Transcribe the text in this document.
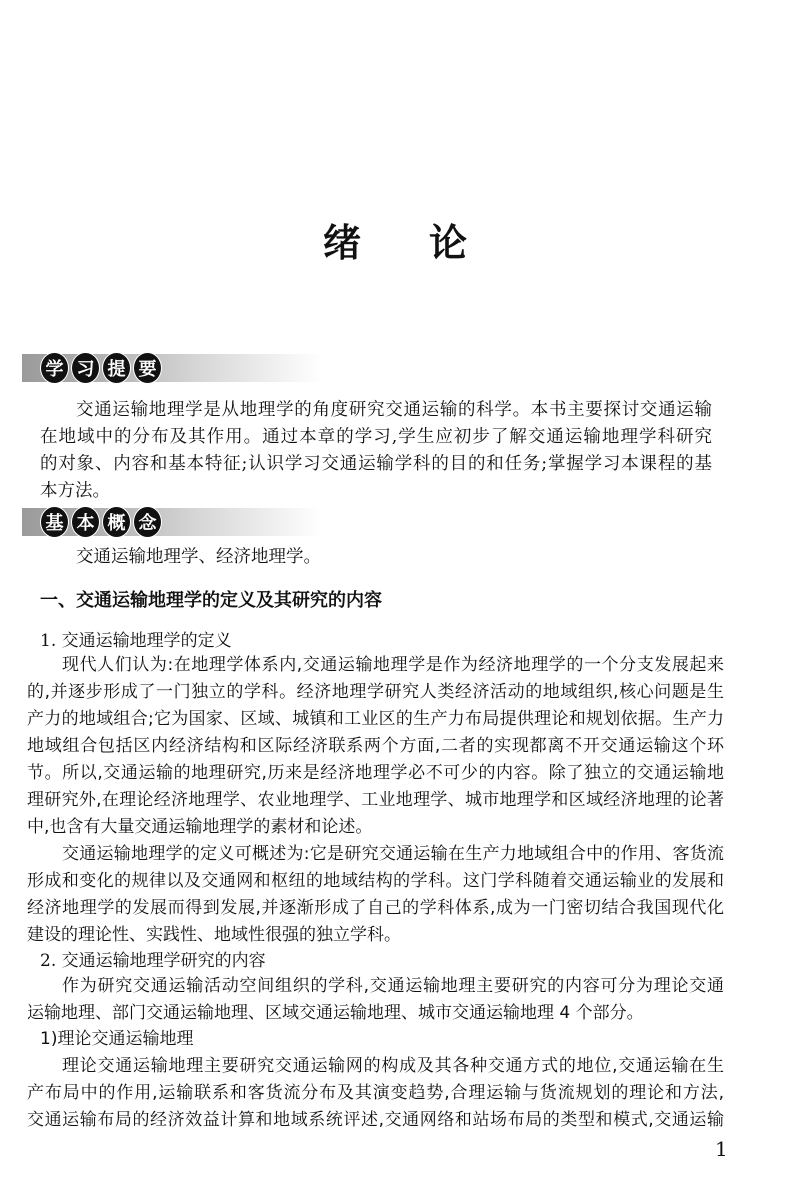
绪 论
学 习 提 要
交通运输地理学是从地理学的角度研究交通运输的科学。本书主要探讨交通运输
在地域中的分布及其作用。通过本章的学习,学生应初步了解交通运输地理学科研究
的对象、内容和基本特征;认识学习交通运输学科的目的和任务;掌握学习本课程的基
本方法。
基 本 概 念
交通运输地理学、经济地理学。
一、交通运输地理学的定义及其研究的内容
1. 交通运输地理学的定义
现代人们认为:在地理学体系内,交通运输地理学是作为经济地理学的一个分支发展起来
的,并逐步形成了一门独立的学科。经济地理学研究人类经济活动的地域组织,核心问题是生
产力的地域组合;它为国家、区域、城镇和工业区的生产力布局提供理论和规划依据。生产力
地域组合包括区内经济结构和区际经济联系两个方面,二者的实现都离不开交通运输这个环
节。所以,交通运输的地理研究,历来是经济地理学必不可少的内容。除了独立的交通运输地
理研究外,在理论经济地理学、农业地理学、工业地理学、城市地理学和区域经济地理的论著
中,也含有大量交通运输地理学的素材和论述。
交通运输地理学的定义可概述为:它是研究交通运输在生产力地域组合中的作用、客货流
形成和变化的规律以及交通网和枢纽的地域结构的学科。这门学科随着交通运输业的发展和
经济地理学的发展而得到发展,并逐渐形成了自己的学科体系,成为一门密切结合我国现代化
建设的理论性、实践性、地域性很强的独立学科。
2. 交通运输地理学研究的内容
作为研究交通运输活动空间组织的学科,交通运输地理主要研究的内容可分为理论交通
运输地理、部门交通运输地理、区域交通运输地理、城市交通运输地理 4 个部分。
1)理论交通运输地理
理论交通运输地理主要研究交通运输网的构成及其各种交通方式的地位,交通运输在生
产布局中的作用,运输联系和客货流分布及其演变趋势,合理运输与货流规划的理论和方法,
交通运输布局的经济效益计算和地域系统评述,交通网络和站场布局的类型和模式,交通运输
1
